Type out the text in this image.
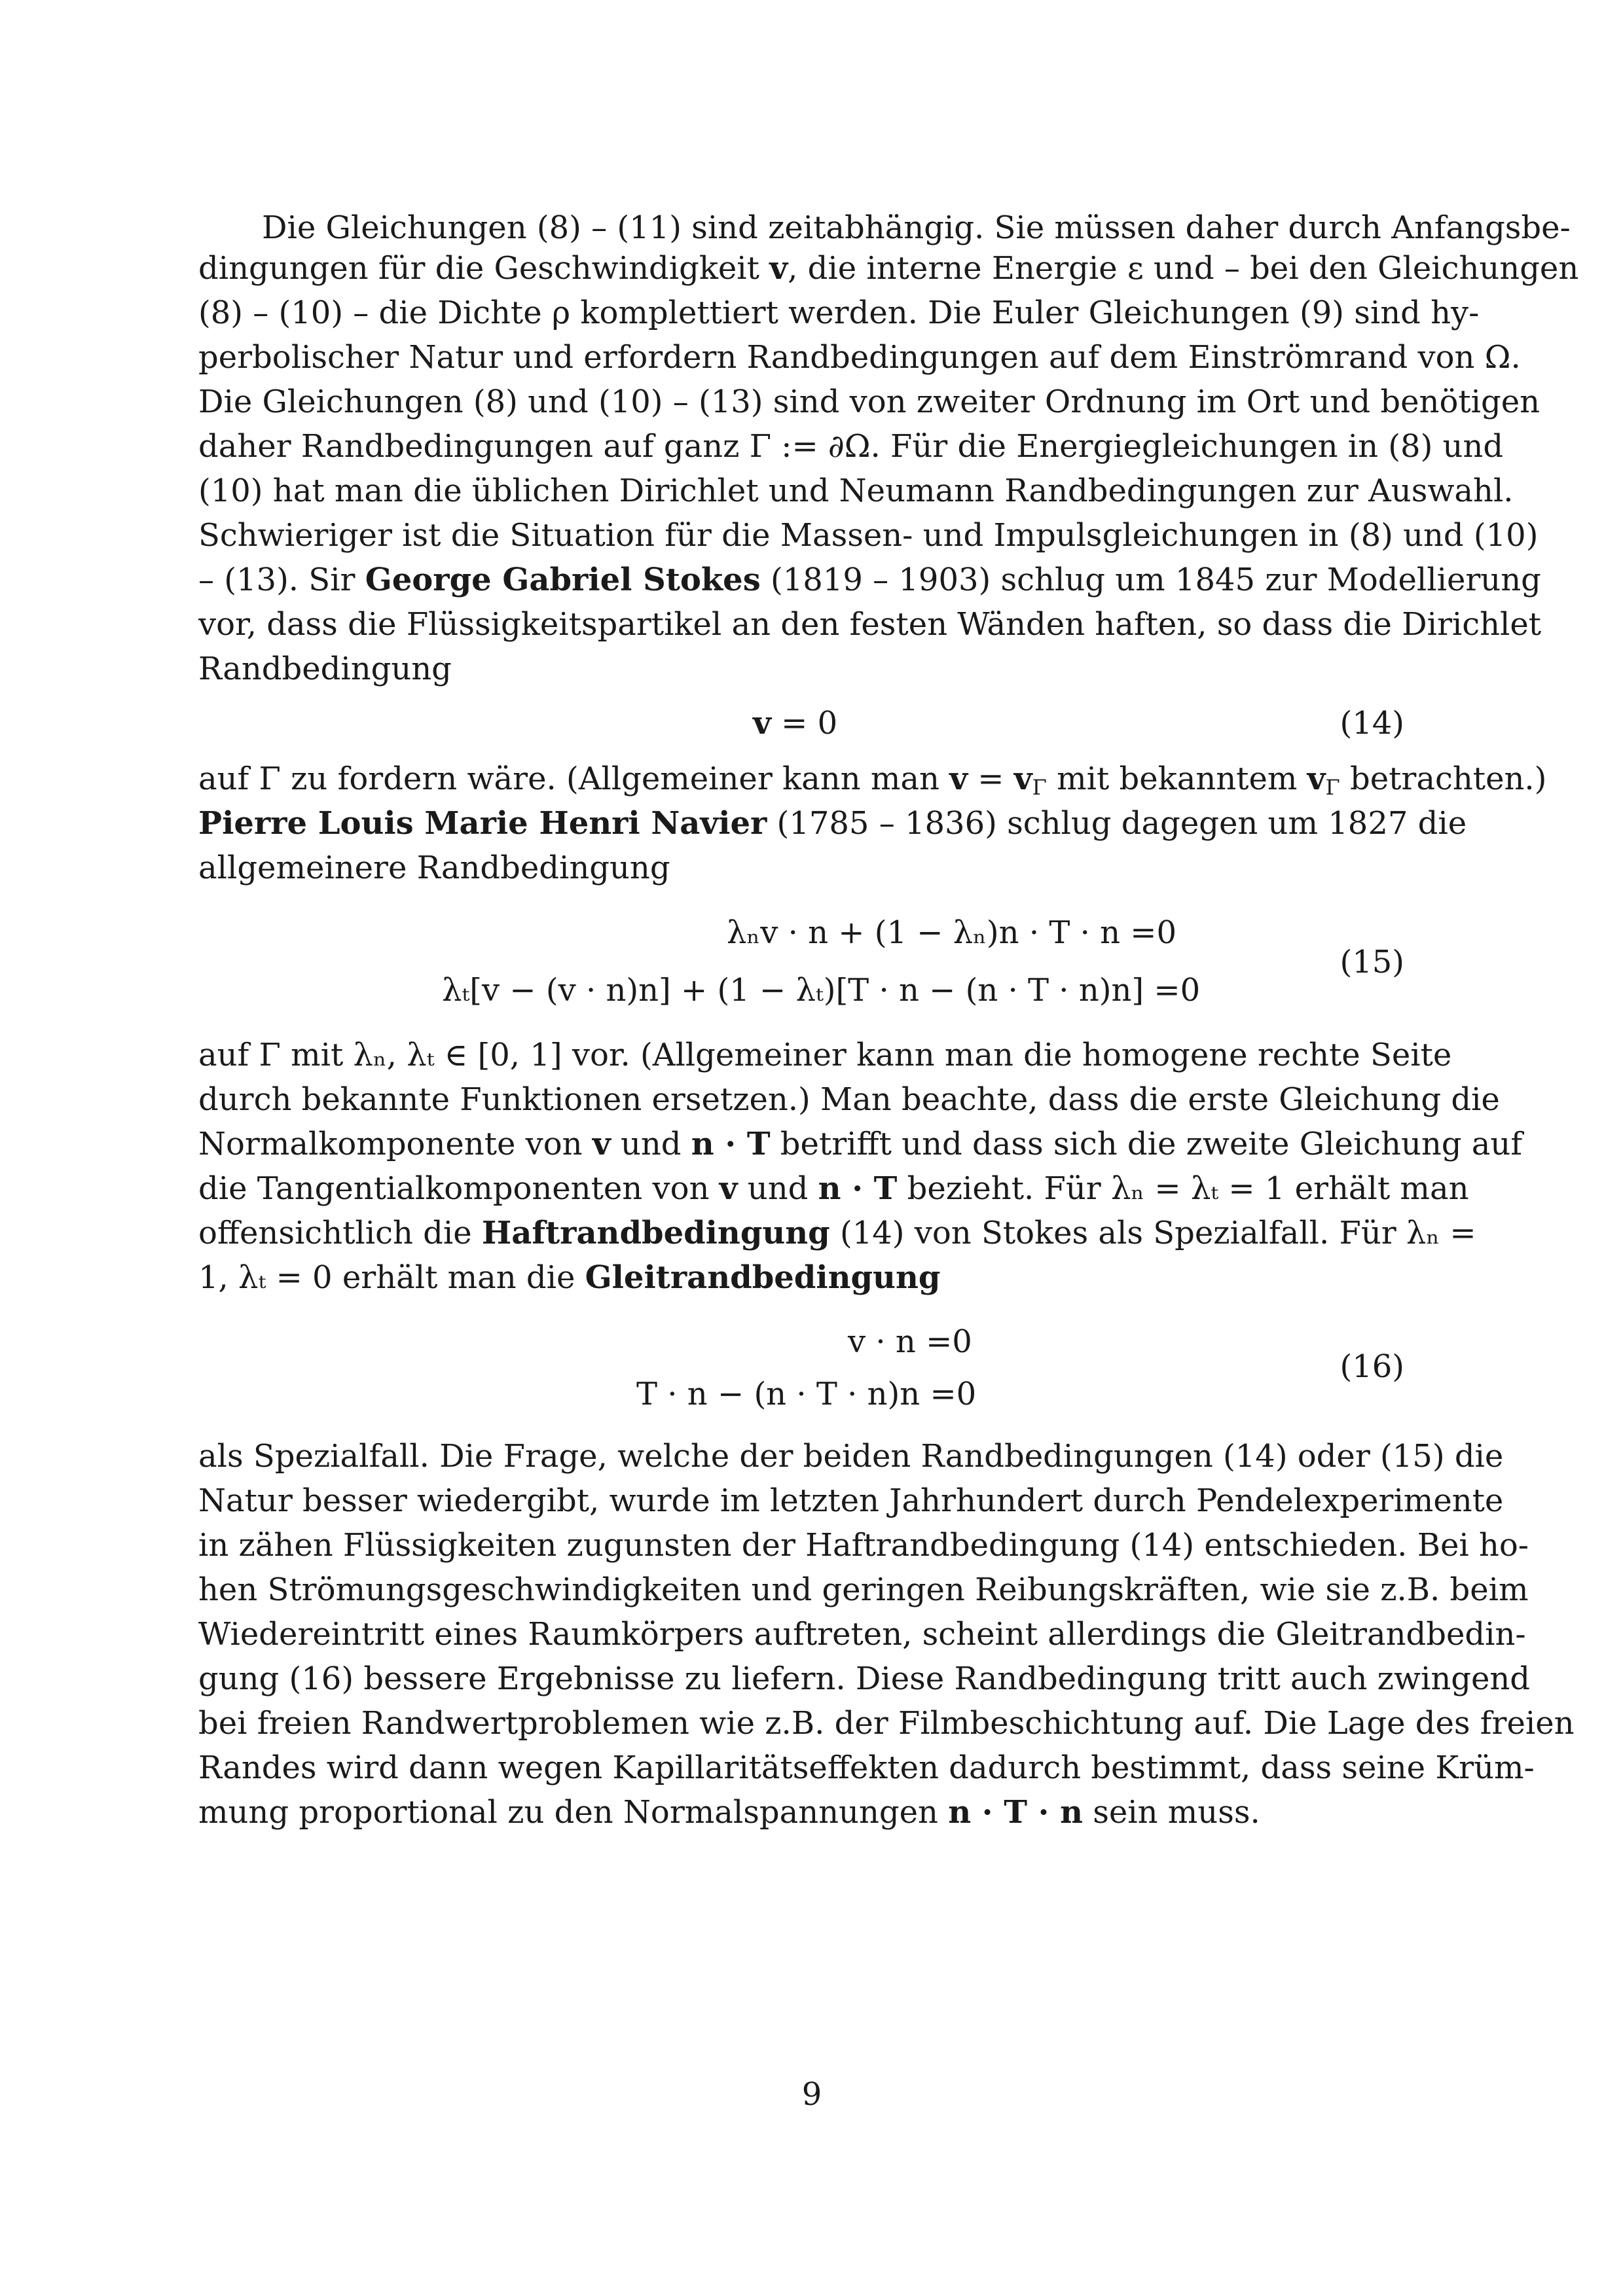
Die Gleichungen (8) – (11) sind zeitabhängig. Sie müssen daher durch Anfangsbe-
dingungen für die Geschwindigkeit v, die interne Energie ε und – bei den Gleichungen
(8) – (10) – die Dichte ρ komplettiert werden. Die Euler Gleichungen (9) sind hy-
perbolischer Natur und erfordern Randbedingungen auf dem Einströmrand von Ω.
Die Gleichungen (8) und (10) – (13) sind von zweiter Ordnung im Ort und benötigen
daher Randbedingungen auf ganz Γ := ∂Ω. Für die Energiegleichungen in (8) und
(10) hat man die üblichen Dirichlet und Neumann Randbedingungen zur Auswahl.
Schwieriger ist die Situation für die Massen- und Impulsgleichungen in (8) und (10)
– (13). Sir George Gabriel Stokes (1819 – 1903) schlug um 1845 zur Modellierung
vor, dass die Flüssigkeitspartikel an den festen Wänden haften, so dass die Dirichlet
Randbedingung
v = 0	(14)
auf Γ zu fordern wäre. (Allgemeiner kann man $v = v_\Gamma$ mit bekanntem $v_\Gamma$ betrachten.)
Pierre Louis Marie Henri Navier (1785 – 1836) schlug dagegen um 1827 die
allgemeinere Randbedingung
λₙv · n + (1 − λₙ)n · T · n =0
λₜ[v − (v · n)n] + (1 − λₜ)[T · n − (n · T · n)n] =0
(15)
auf Γ mit λₙ, λₜ ∈ [0, 1] vor. (Allgemeiner kann man die homogene rechte Seite
durch bekannte Funktionen ersetzen.) Man beachte, dass die erste Gleichung die
Normalkomponente von v und n · T betrifft und dass sich die zweite Gleichung auf
die Tangentialkomponenten von v und n · T bezieht. Für λₙ = λₜ = 1 erhält man
offensichtlich die Haftrandbedingung (14) von Stokes als Spezialfall. Für λₙ =
1, λₜ = 0 erhält man die Gleitrandbedingung
v · n =0
T · n − (n · T · n)n =0
(16)
als Spezialfall. Die Frage, welche der beiden Randbedingungen (14) oder (15) die
Natur besser wiedergibt, wurde im letzten Jahrhundert durch Pendelexperimente
in zähen Flüssigkeiten zugunsten der Haftrandbedingung (14) entschieden. Bei ho-
hen Strömungsgeschwindigkeiten und geringen Reibungskräften, wie sie z.B. beim
Wiedereintritt eines Raumkörpers auftreten, scheint allerdings die Gleitrandbedin-
gung (16) bessere Ergebnisse zu liefern. Diese Randbedingung tritt auch zwingend
bei freien Randwertproblemen wie z.B. der Filmbeschichtung auf. Die Lage des freien
Randes wird dann wegen Kapillaritätseffekten dadurch bestimmt, dass seine Krüm-
mung proportional zu den Normalspannungen n · T · n sein muss.
9
